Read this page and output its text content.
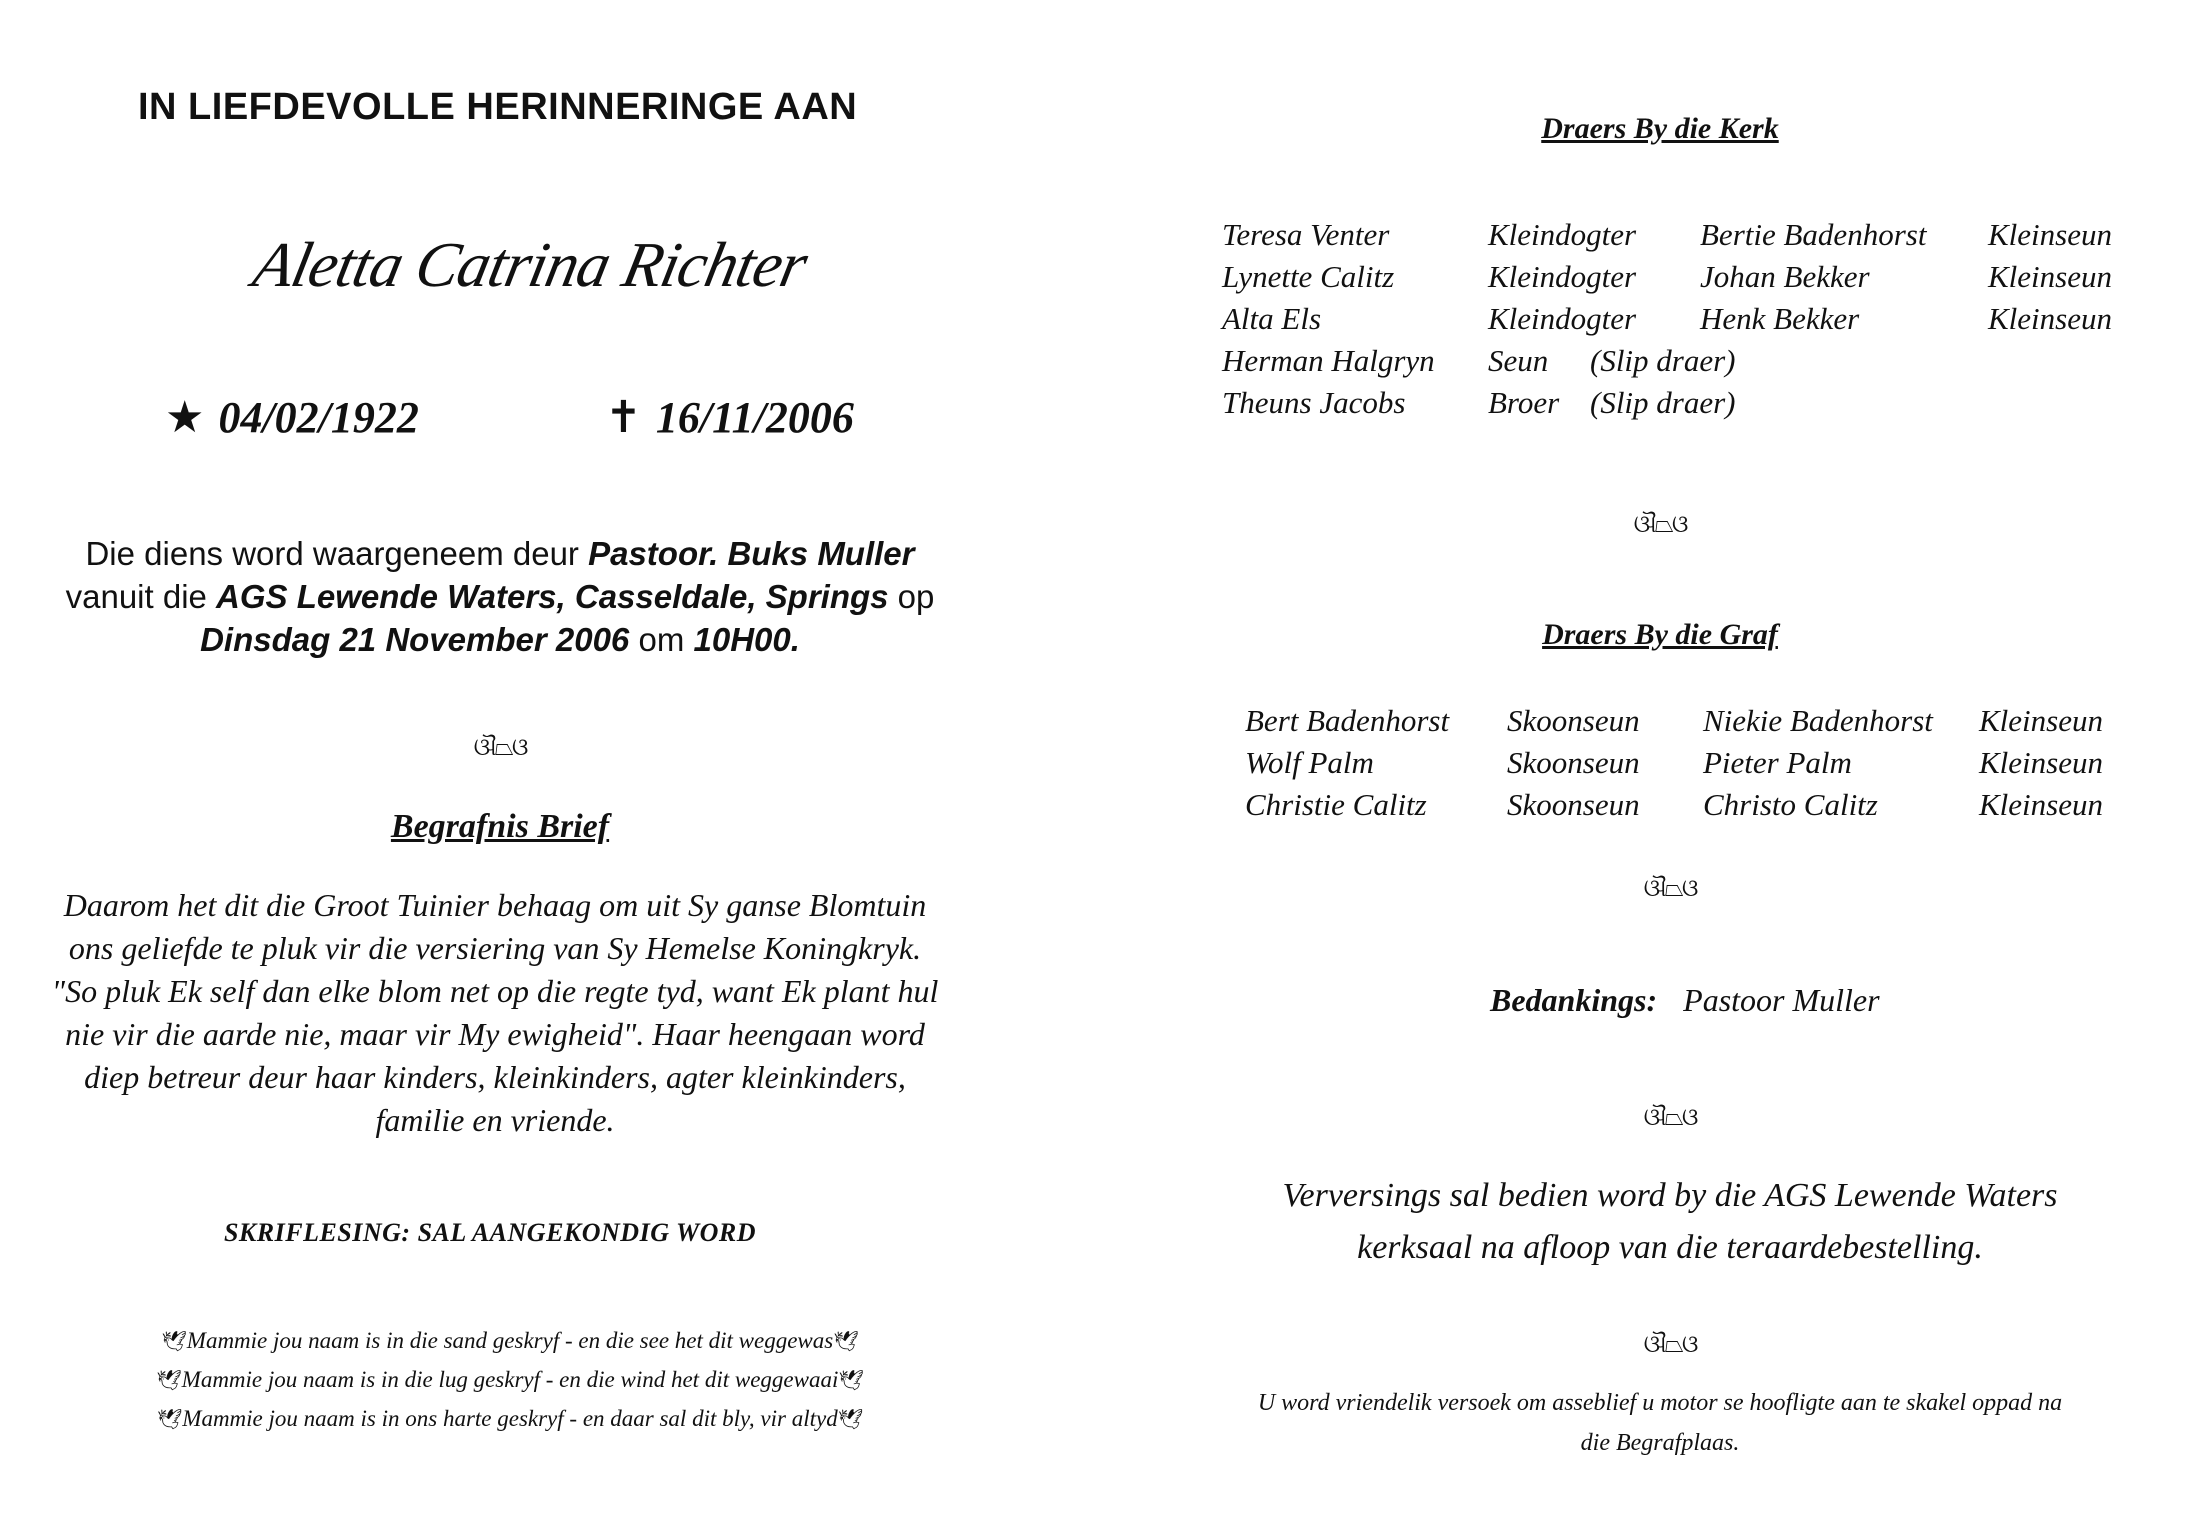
IN LIEFDEVOLLE HERINNERINGE AAN
Aletta Catrina Richter
★ 04/02/1922	✝ 16/11/2006
Die diens word waargeneem deur Pastoor. Buks Muller
vanuit die AGS Lewende Waters, Casseldale, Springs op
Dinsdag 21 November 2006 om 10H00.
ଔ⏢ଓ
Begrafnis Brief
Daarom het dit die Groot Tuinier behaag om uit Sy ganse Blomtuin
ons geliefde te pluk vir die versiering van Sy Hemelse Koningkryk.
"So pluk Ek self dan elke blom net op die regte tyd, want Ek plant hul
nie vir die aarde nie, maar vir My ewigheid". Haar heengaan word
diep betreur deur haar kinders, kleinkinders, agter kleinkinders,
familie en vriende.
SKRIFLESING: SAL AANGEKONDIG WORD
🕊Mammie jou naam is in die sand geskryf - en die see het dit weggewas🕊
🕊Mammie jou naam is in die lug geskryf - en die wind het dit weggewaai🕊
🕊Mammie jou naam is in ons harte geskryf - en daar sal dit bly, vir altyd🕊
Draers By die Kerk
Teresa Venter	Kleindogter	Bertie Badenhorst	Kleinseun
Lynette Calitz	Kleindogter	Johan Bekker	Kleinseun
Alta Els	Kleindogter	Henk Bekker	Kleinseun
Herman Halgryn	Seun	(Slip draer)
Theuns Jacobs	Broer	(Slip draer)
ଔ⏢ଓ
Draers By die Graf
Bert Badenhorst	Skoonseun	Niekie Badenhorst	Kleinseun
Wolf Palm	Skoonseun	Pieter Palm	Kleinseun
Christie Calitz	Skoonseun	Christo Calitz	Kleinseun
ଔ⏢ଓ
Bedankings: Pastoor Muller
ଔ⏢ଓ
Verversings sal bedien word by die AGS Lewende Waters
kerksaal na afloop van die teraardebestelling.
ଔ⏢ଓ
U word vriendelik versoek om asseblief u motor se hoofligte aan te skakel oppad na
die Begrafplaas.
